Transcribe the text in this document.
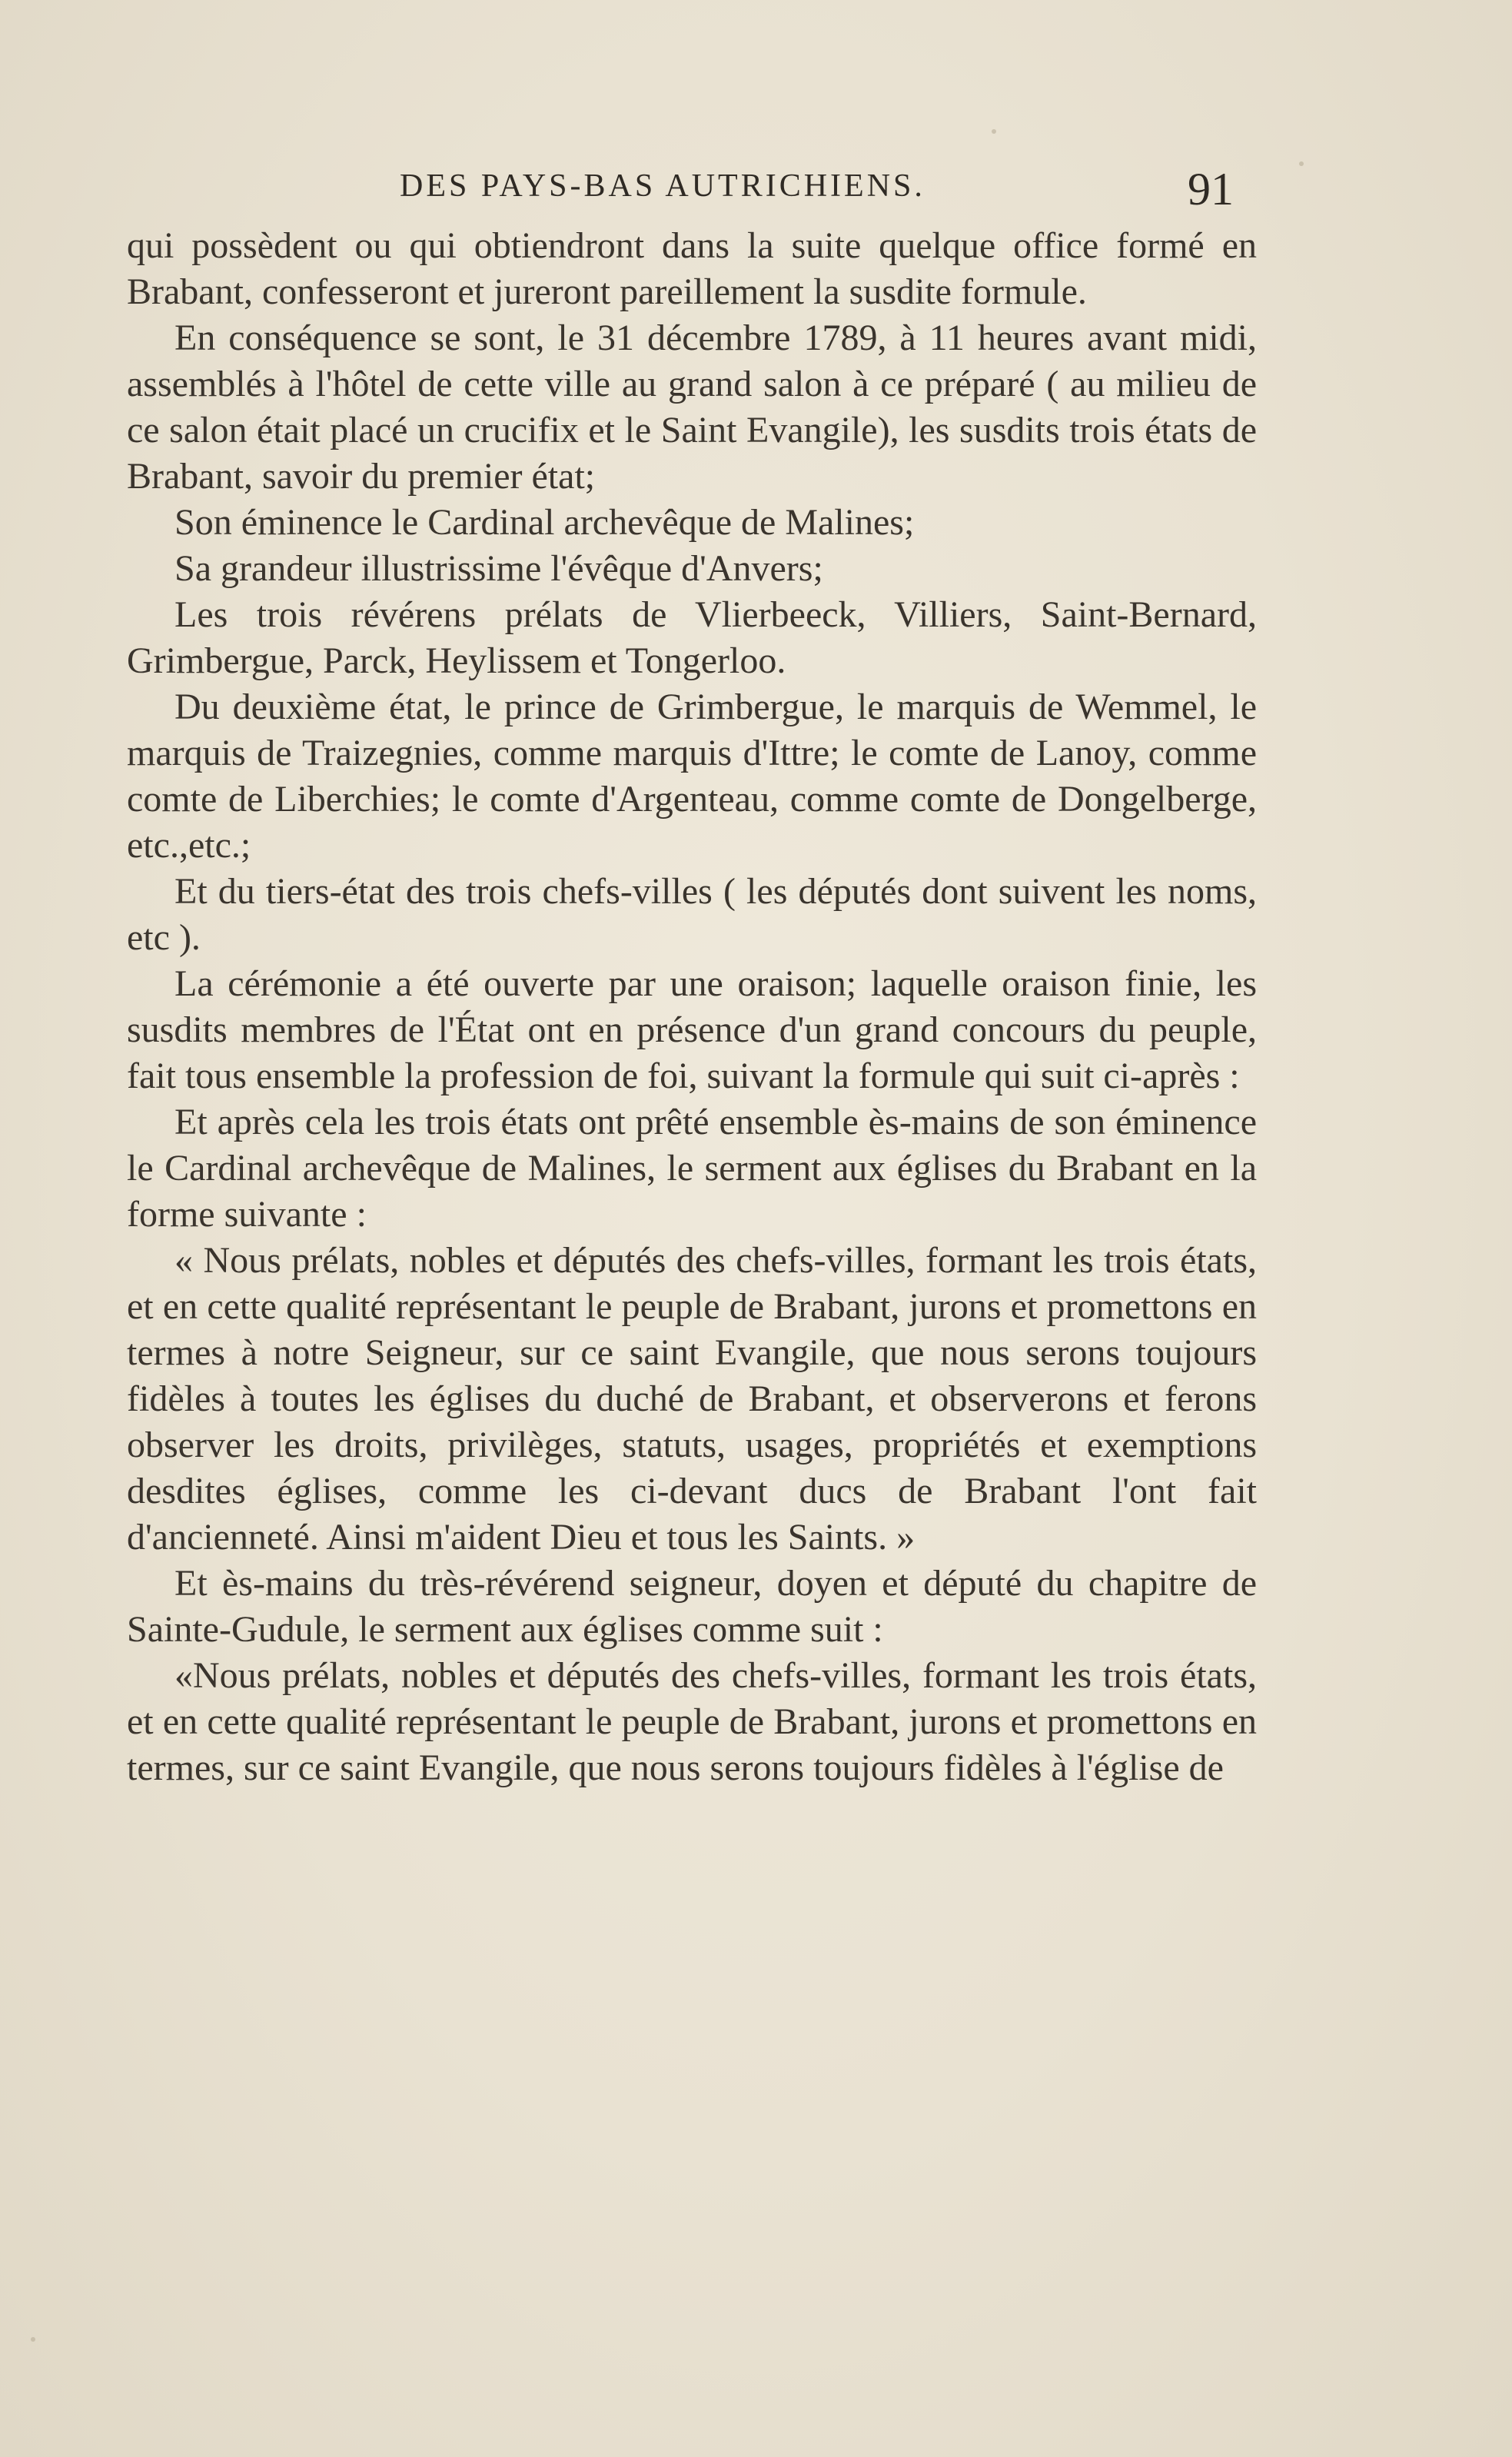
DES PAYS-BAS AUTRICHIENS.	91

qui possèdent ou qui obtiendront dans la suite quelque office formé en Brabant, confesseront et jureront pareillement la susdite formule.

En conséquence se sont, le 31 décembre 1789, à 11 heures avant midi, assemblés à l'hôtel de cette ville au grand salon à ce préparé ( au milieu de ce salon était placé un crucifix et le Saint Evangile), les susdits trois états de Brabant, savoir du premier état;

Son éminence le Cardinal archevêque de Malines;

Sa grandeur illustrissime l'évêque d'Anvers;

Les trois révérens prélats de Vlierbeeck, Villiers, Saint-Bernard, Grimbergue, Parck, Heylissem et Tongerloo.

Du deuxième état, le prince de Grimbergue, le marquis de Wemmel, le marquis de Traizegnies, comme marquis d'Ittre; le comte de Lanoy, comme comte de Liberchies; le comte d'Argenteau, comme comte de Dongelberge, etc.,etc.;

Et du tiers-état des trois chefs-villes ( les députés dont suivent les noms, etc ).

La cérémonie a été ouverte par une oraison; laquelle oraison finie, les susdits membres de l'État ont en présence d'un grand concours du peuple, fait tous ensemble la profession de foi, suivant la formule qui suit ci-après :

Et après cela les trois états ont prêté ensemble ès-mains de son éminence le Cardinal archevêque de Malines, le serment aux églises du Brabant en la forme suivante :

« Nous prélats, nobles et députés des chefs-villes, formant les trois états, et en cette qualité représentant le peuple de Brabant, jurons et promettons en termes à notre Seigneur, sur ce saint Evangile, que nous serons toujours fidèles à toutes les églises du duché de Brabant, et observerons et ferons observer les droits, privilèges, statuts, usages, propriétés et exemptions desdites églises, comme les ci-devant ducs de Brabant l'ont fait d'ancienneté. Ainsi m'aident Dieu et tous les Saints. »

Et ès-mains du très-révérend seigneur, doyen et député du chapitre de Sainte-Gudule, le serment aux églises comme suit :

«Nous prélats, nobles et députés des chefs-villes, formant les trois états, et en cette qualité représentant le peuple de Brabant, jurons et promettons en termes, sur ce saint Evangile, que nous serons toujours fidèles à l'église de
